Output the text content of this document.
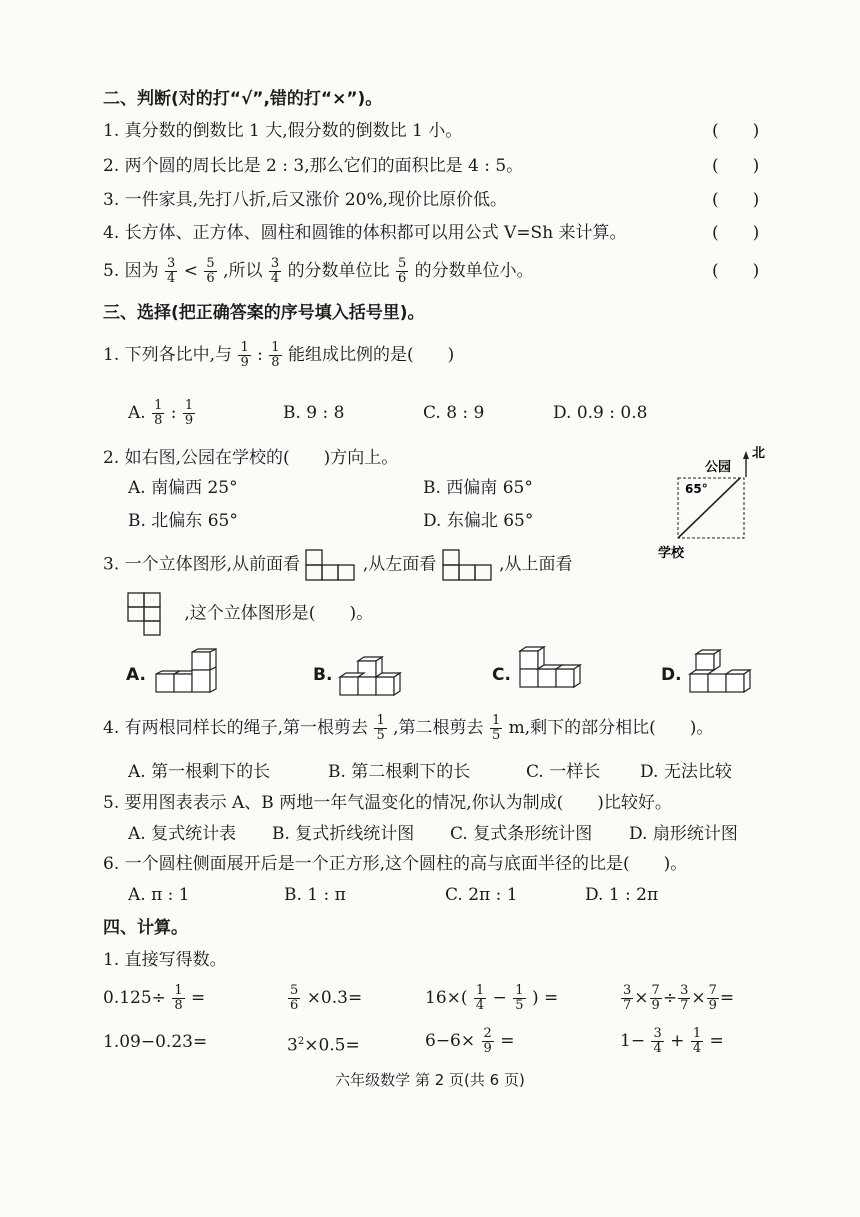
二、判断(对的打“√”,错的打“×”)。
1. 真分数的倒数比 1 大,假分数的倒数比 1 小。	(　　)
2. 两个圆的周长比是 2 : 3,那么它们的面积比是 4 : 5。	(　　)
3. 一件家具,先打八折,后又涨价 20%,现价比原价低。	(　　)
4. 长方体、正方体、圆柱和圆锥的体积都可以用公式 V=Sh 来计算。	(　　)
5. 因为 $\frac{3}{4} < \frac{5}{6}$ ,所以 $\frac{3}{4}$ 的分数单位比 $\frac{5}{6}$ 的分数单位小。	(　　)
三、选择(把正确答案的序号填入括号里)。
1. 下列各比中,与 $\frac{1}{9}$ : $\frac{1}{8}$ 能组成比例的是(　　)
A. $\frac{1}{8}$ : $\frac{1}{9}$	B. 9 : 8	C. 8 : 9	D. 0.9 : 0.8
2. 如右图,公园在学校的(　　)方向上。
A. 南偏西 25°	B. 西偏南 65°
B. 北偏东 65°	D. 东偏北 65°
公园
北
65°
学校
3. 一个立体图形,从前面看	,从左面看	,从上面看
,这个立体图形是(　　)。
A.	B.	C.	D.
4. 有两根同样长的绳子,第一根剪去 $\frac{1}{5}$ ,第二根剪去 $\frac{1}{5} m$,剩下的部分相比(　　)。
A. 第一根剩下的长	B. 第二根剩下的长	C. 一样长 D. 无法比较
5. 要用图表表示 A、B 两地一年气温变化的情况,你认为制成(　　)比较好。
A. 复式统计表 B. 复式折线统计图 C. 复式条形统计图 D. 扇形统计图
6. 一个圆柱侧面展开后是一个正方形,这个圆柱的高与底面半径的比是(　　)。
A. π : 1	B. 1 : π	C. 2π : 1	D. 1 : 2π
四、计算。
1. 直接写得数。
$0.125\div \frac{1}{8}$ =	$\frac{5}{6} \times 0.3=$	$16\times( \frac{1}{4} - \frac{1}{5}$ ) =	$\frac{3}{7} \times \frac{7}{9} \div \frac{3}{7} \times \frac{7}{9}$ =
1.09−0.23=	$3^2\times 0.5=$	$6-6\times \frac{2}{9}$ =	$1- \frac{3}{4} + \frac{1}{4}$ =
六年级数学 第 2 页(共 6 页)
